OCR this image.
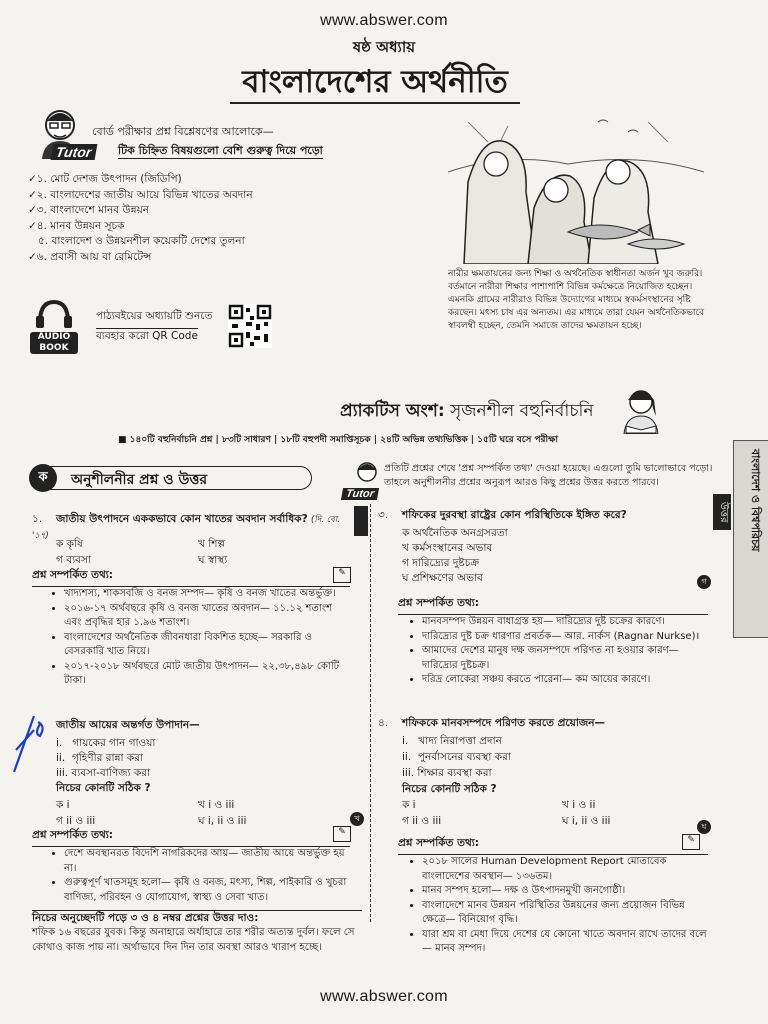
www.abswer.com
ষষ্ঠ অধ্যায়
বাংলাদেশের অর্থনীতি
Tutor
বোর্ড পরীক্ষার প্রশ্ন বিশ্লেষণের আলোকে—
টিক চিহ্নিত বিষয়গুলো বেশি গুরুত্ব দিয়ে পড়ো
✓১. মোট দেশজ উৎপাদন (জিডিপি)
✓২. বাংলাদেশের জাতীয় আয়ে বিভিন্ন খাতের অবদান
✓৩. বাংলাদেশে মানব উন্নয়ন
✓৪. মানব উন্নয়ন সূচক
৫. বাংলাদেশ ও উন্নয়নশীল কয়েকটি দেশের তুলনা
✓৬. প্রবাসী আয় বা রেমিটেন্স
AUDIO
BOOK
পাঠ্যবইয়ের অধ্যায়টি শুনতে
ব্যবহার করো QR Code
নারীর ক্ষমতায়নের জন্য শিক্ষা ও অর্থনৈতিক স্বাধীনতা অর্জন খুব জরুরি। বর্তমানে নারীরা শিক্ষার পাশাপাশি বিভিন্ন কর্মক্ষেত্রে নিয়োজিত হচ্ছেন। এমনকি গ্রামের নারীরাও বিভিন্ন উদ্যোগের মাধ্যমে স্বকর্মসংস্থানের সৃষ্টি করছেন। মৎস্য চাষ এর অন্যতম। এর মাধ্যমে তারা যেমন অর্থনৈতিকভাবে স্বাবলম্বী হচ্ছেন, তেমনি সমাজে তাদের ক্ষমতায়ন হচ্ছে।
প্র্যাকটিস অংশ: সৃজনশীল বহুনির্বাচনি
■ ১৪০টি বহুনির্বাচনি প্রশ্ন | ৮৩টি সাধারণ | ১৮টি বহুপদী সমাপ্তিসূচক | ২৪টি অভিন্ন তথ্যভিত্তিক | ১৫টি ঘরে বসে পরীক্ষা
বাংলাদেশ ও বিশ্বপরিচয়
উত্তর
ক	অনুশীলনীর প্রশ্ন ও উত্তর
Tutor
প্রতিটি প্রশ্নের শেষে 'প্রশ্ন সম্পর্কিত তথ্য' দেওয়া হয়েছে। এগুলো তুমি ভালোভাবে পড়ো।
তাহলে অনুশীলনীর প্রশ্নের অনুরূপ আরও কিছু প্রশ্নের উত্তর করতে পারবে।
১. জাতীয় উৎপাদনে এককভাবে কোন খাতের অবদান সর্বাধিক? (দি. বো. '১৭)
ক কৃষি	খ শিল্প
গ ব্যবসা	ঘ স্বাস্থ্য
✎
প্রশ্ন সম্পর্কিত তথ্য:
• খাদ্যশস্য, শাকসবজি ও বনজ সম্পদ— কৃষি ও বনজ খাতের অন্তর্ভুক্ত।
• ২০১৬-১৭ অর্থবছরে কৃষি ও বনজ খাতের অবদান— ১১.১২ শতাংশ এবং প্রবৃদ্ধির হার ১.৯৬ শতাংশ।
• বাংলাদেশের অর্থনৈতিক জীবনধারা বিকশিত হচ্ছে— সরকারি ও বেসরকারি খাত নিয়ে।
• ২০১৭-২০১৮ অর্থবছরে মোট জাতীয় উৎপাদন— ২২,৩৮,৪৯৮ কোটি টাকা।
জাতীয় আয়ের অন্তর্গত উপাদান—
i.   গায়কের গান গাওয়া
ii.  গৃহিণীর রান্না করা
iii. ব্যবসা-বাণিজ্য করা
নিচের কোনটি সঠিক ?
ক i	খ i ও iii
গ ii ও iii	ঘ i, ii ও iii	খ
✎
প্রশ্ন সম্পর্কিত তথ্য:
• দেশে অবস্থানরত বিদেশি নাগরিকদের আয়— জাতীয় আয়ে অন্তর্ভুক্ত হয় না।
• গুরুত্বপূর্ণ খাতসমূহ হলো— কৃষি ও বনজ, মৎস্য, শিল্প, পাইকারি ও খুচরা বাণিজ্য, পরিবহন ও যোগাযোগ, স্বাস্থ্য ও সেবা খাত।
নিচের অনুচ্ছেদটি পড়ে ৩ ও ৪ নম্বর প্রশ্নের উত্তর দাও:
শফিক ১৬ বছরের যুবক। কিন্তু অনাহারে অর্ধাহারে তার শরীর অত্যন্ত দুর্বল। ফলে সে কোথাও কাজ পায় না। অর্থাভাবে দিন দিন তার অবস্থা আরও খারাপ হচ্ছে।
৩. শফিকের দুরবস্থা রাষ্ট্রের কোন পরিস্থিতিকে ইঙ্গিত করে?
ক অর্থনৈতিক অনগ্রসরতা
খ কর্মসংস্থানের অভাব
গ দারিদ্র্যের দুষ্টচক্র
ঘ প্রশিক্ষণের অভাব	গ
প্রশ্ন সম্পর্কিত তথ্য:
• মানবসম্পদ উন্নয়ন বাধাগ্রস্ত হয়— দারিদ্র্যের দুষ্ট চক্রের কারণে।
• দারিদ্র্যের দুষ্ট চক্র ধারণার প্রবর্তক— আর. নার্কস (Ragnar Nurkse)।
• আমাদের দেশের মানুষ দক্ষ জনসম্পদে পরিণত না হওয়ার কারণ— দারিদ্র্যের দুষ্টচক্র।
• দরিদ্র লোকেরা সঞ্চয় করতে পারেনা— কম আয়ের কারণে।
৪. শফিককে মানবসম্পদে পরিণত করতে প্রয়োজন—
i.   খাদ্য নিরাপত্তা প্রদান
ii.  পুনর্বাসনের ব্যবস্থা করা
iii. শিক্ষার ব্যবস্থা করা
নিচের কোনটি সঠিক ?
ক i	খ i ও ii
গ ii ও iii	ঘ i, ii ও iii	ঘ
✎
প্রশ্ন সম্পর্কিত তথ্য:
• ২০১৮ সালের Human Development Report মোতাবেক বাংলাদেশের অবস্থান— ১৩৬তম।
• মানব সম্পদ হলো— দক্ষ ও উৎপাদনমুখী জনগোষ্ঠী।
• বাংলাদেশে মানব উন্নয়ন পরিস্থিতির উন্নয়নের জন্য প্রয়োজন বিভিন্ন ক্ষেত্রে— বিনিয়োগ বৃদ্ধি।
• যারা শ্রম বা মেধা দিয়ে দেশের যে কোনো খাতে অবদান রাখে তাদের বলে— মানব সম্পদ।
www.abswer.com
